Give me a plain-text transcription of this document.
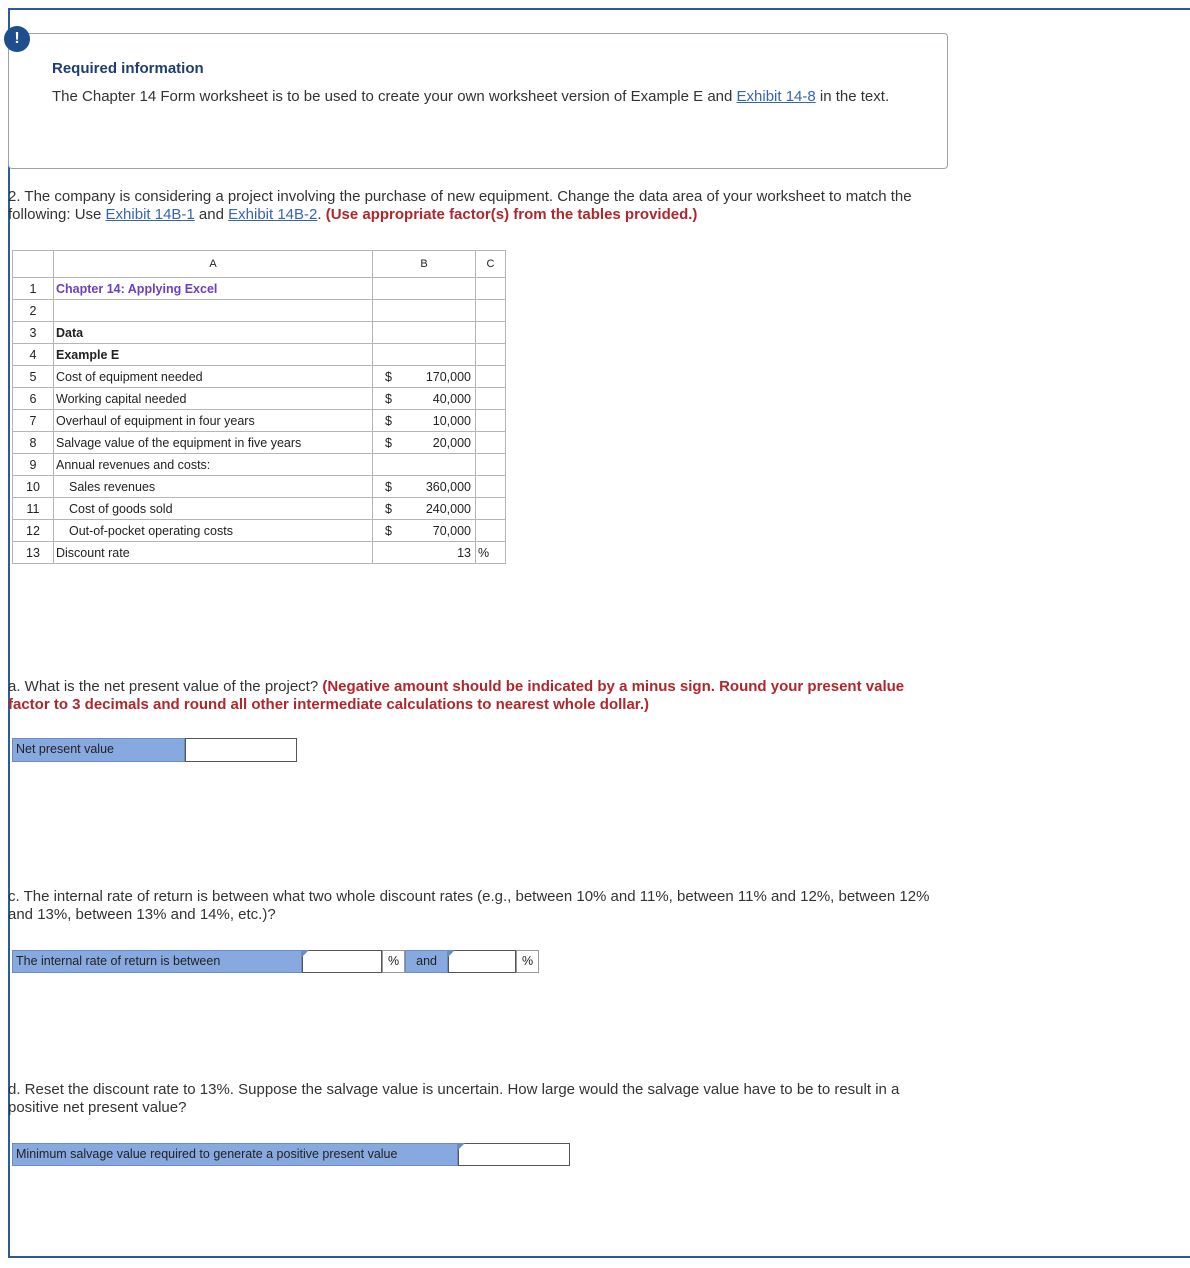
!
Required information
The Chapter 14 Form worksheet is to be used to create your own worksheet version of Example E and Exhibit 14-8 in the text.
2. The company is considering a project involving the purchase of new equipment. Change the data area of your worksheet to match the following: Use Exhibit 14B-1 and Exhibit 14B-2. (Use appropriate factor(s) from the tables provided.)
	A	B	C
1	Chapter 14: Applying Excel	

2		

3	Data	

4	Example E	

5	Cost of equipment needed	$ 170,000	

6	Working capital needed	$ 40,000	

7	Overhaul of equipment in four years	$ 10,000	

8	Salvage value of the equipment in five years	$ 20,000	

9	Annual revenues and costs:	

10	Sales revenues	$ 360,000	

11	Cost of goods sold	$ 240,000	

12	Out-of-pocket operating costs	$ 70,000	

13	Discount rate	13	%
a. What is the net present value of the project? (Negative amount should be indicated by a minus sign. Round your present value factor to 3 decimals and round all other intermediate calculations to nearest whole dollar.)
Net present value
c. The internal rate of return is between what two whole discount rates (e.g., between 10% and 11%, between 11% and 12%, between 12% and 13%, between 13% and 14%, etc.)?
The internal rate of return is between	%	and	%
d. Reset the discount rate to 13%. Suppose the salvage value is uncertain. How large would the salvage value have to be to result in a positive net present value?
Minimum salvage value required to generate a positive present value
